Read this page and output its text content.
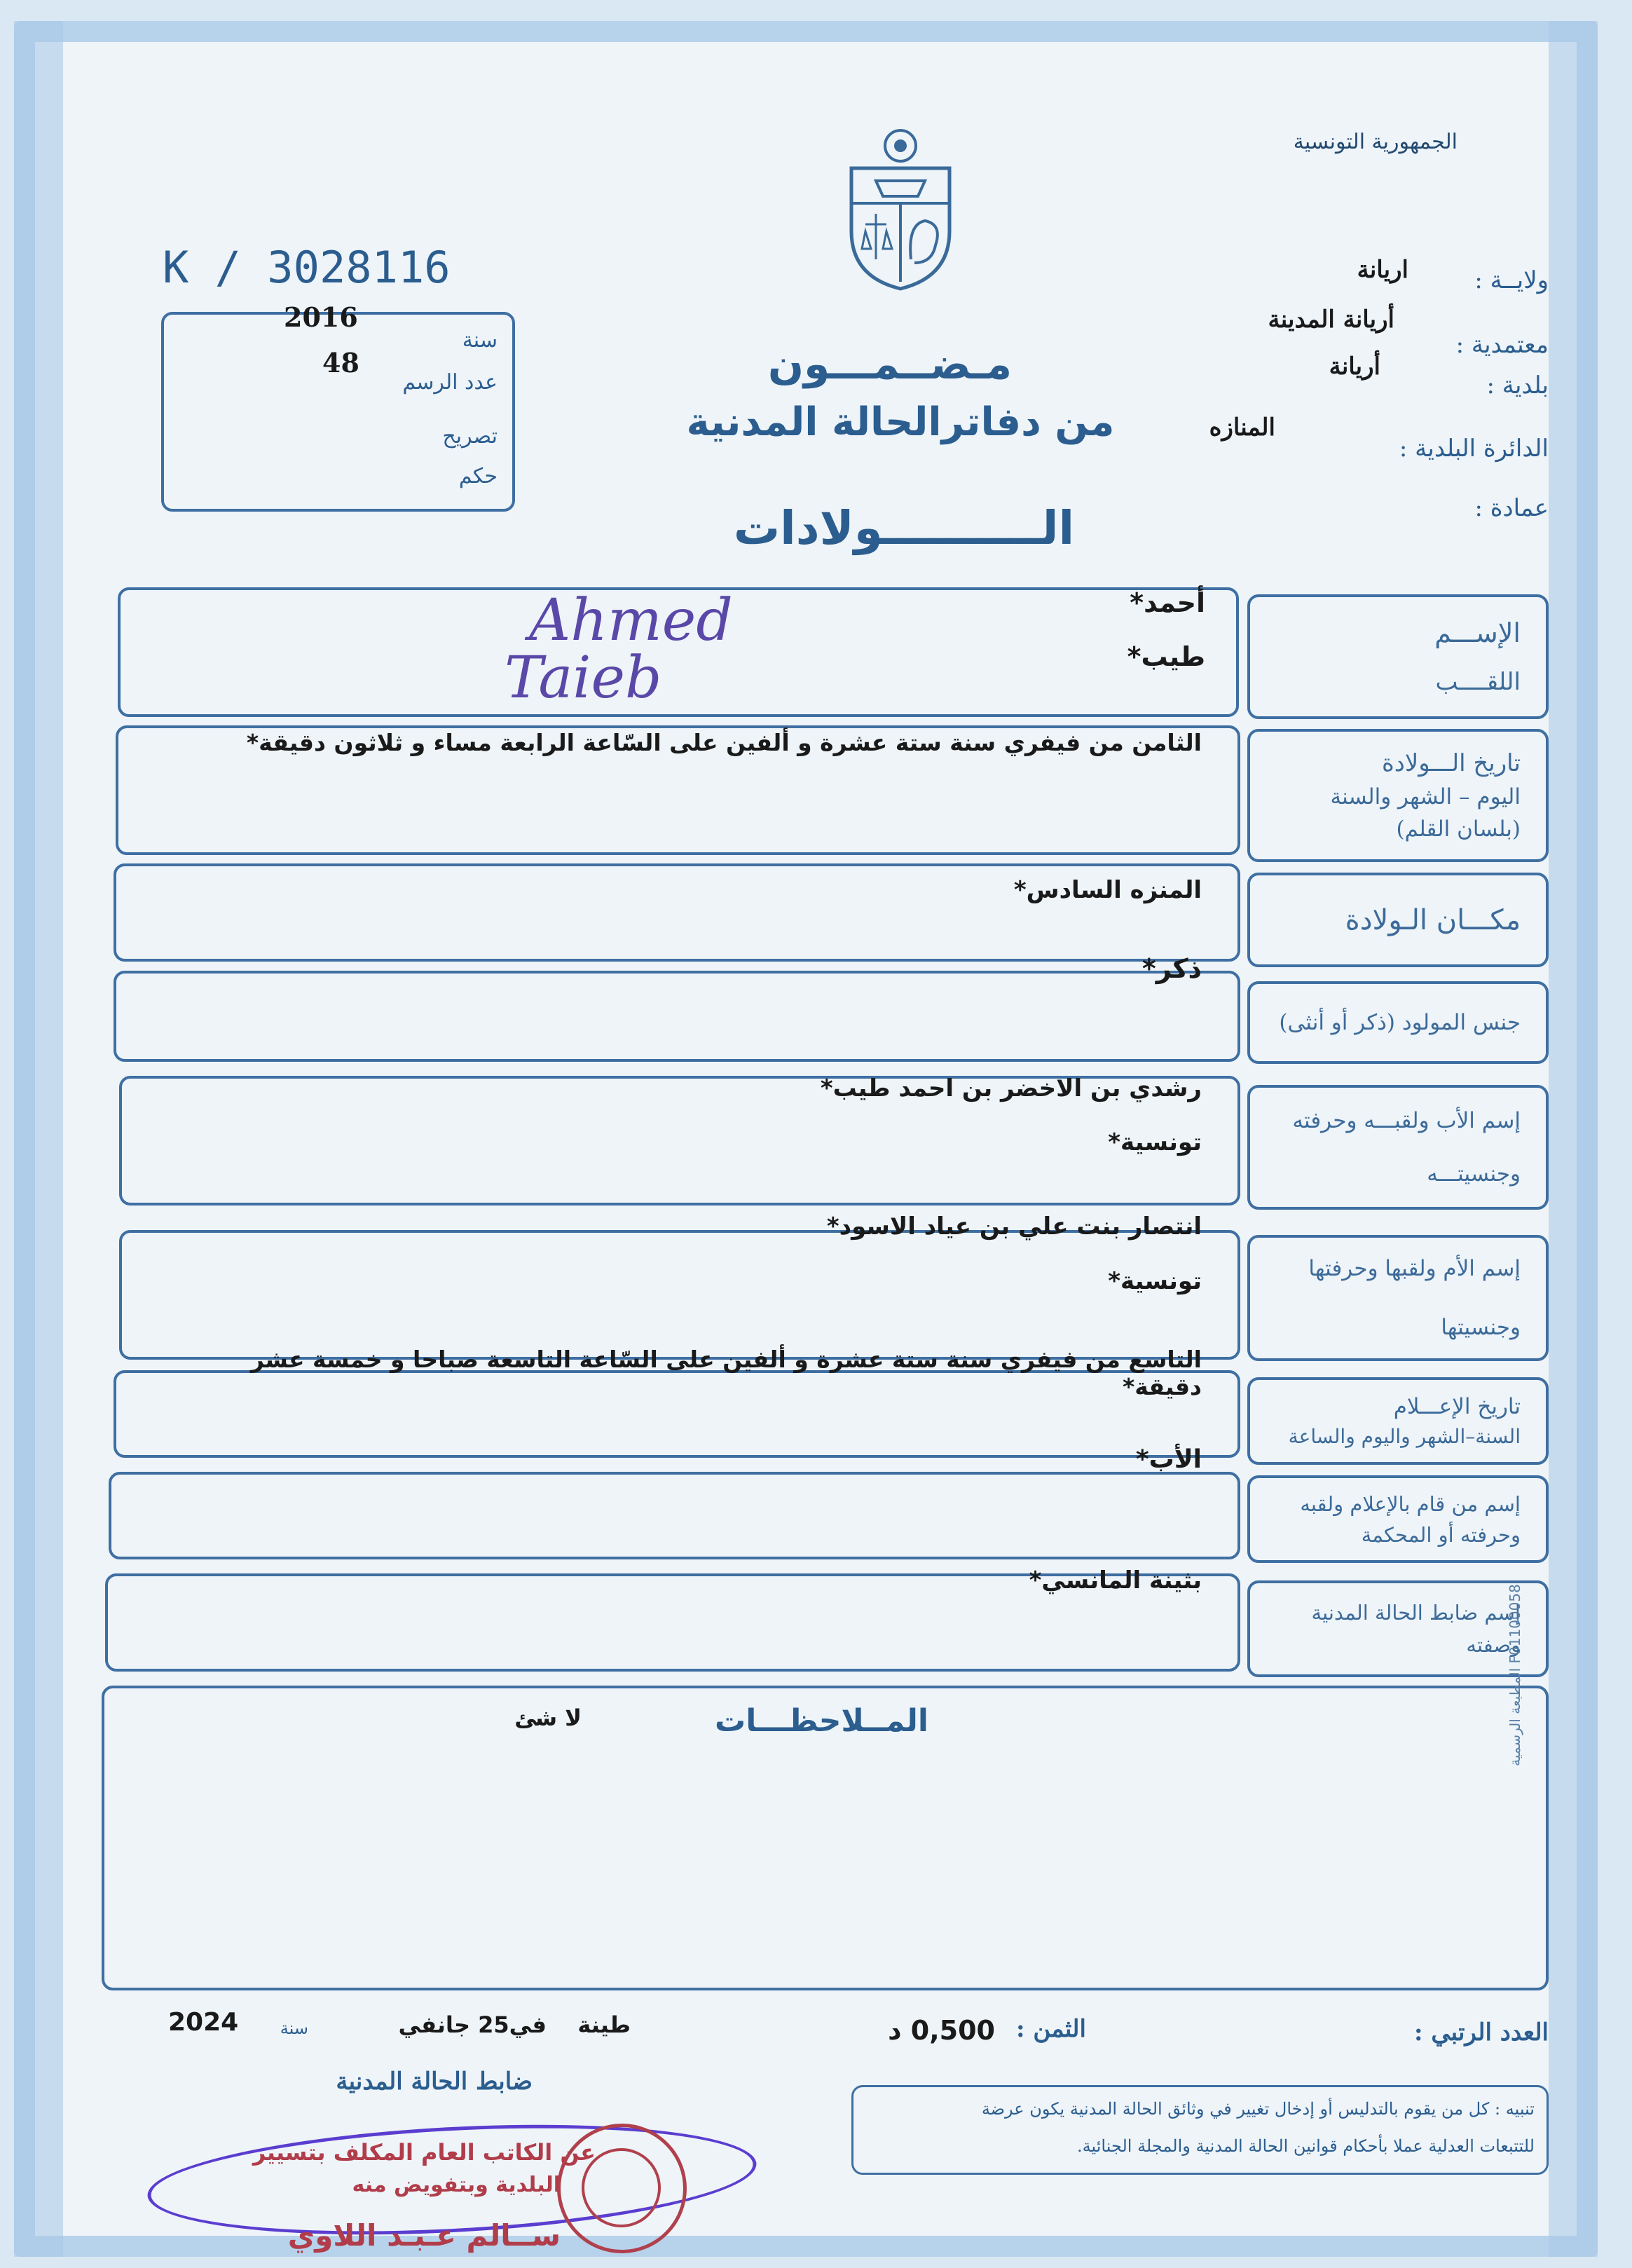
الجمهورية التونسية
K / 3028116
2016
48
سنة
عدد الرسم
تصريح
حكم
مـضــمـــون
من دفاترالحالة المدنية
الــــــــــولادات
ولايــة :
اريانة
معتمدية :
أريانة المدينة
بلدية :
أريانة
الدائرة البلدية :
المنازه
عمادة :
الإســـم
اللقــــب
أحمد*
طيب*
Ahmed
Taieb
تاريخ الـــولادة
اليوم – الشهر والسنة
(بلسان القلم)
الثامن من فيفري سنة ستة عشرة و ألفين على السّاعة الرابعة مساء و ثلاثون دقيقة*
مكـــان الـولادة
المنزه السادس*
جنس المولود (ذكر أو أنثى)
ذكر*
إسم الأب ولقبـــه وحرفته
وجنسيتـــه
رشدي بن الاخضر بن احمد طيب*
تونسية*
إسم الأم ولقبها وحرفتها
وجنسيتها
انتصار بنت علي بن عياد الاسود*
تونسية*
تاريخ الإعـــلام
السنة–الشهر واليوم والساعة
التاسع من فيفري سنة ستة عشرة و ألفين على السّاعة التاسعة صباحا و خمسة عشر دقيقة*
إسم من قام بالإعلام ولقبه
وحرفته أو المحكمة
الأب*
إسم ضابط الحالة المدنية
وصفته
بثينة المانسي*
المــلاحظـــات
لا شئ	المطبعة الرسمية F01100058
العدد الرتبي :
الثمن :
0,500 د
طينة
في25 جانفي
سنة
2024
ضابط الحالة المدنية
تنبيه : كل من يقوم بالتدليس أو إدخال تغيير في وثائق الحالة المدنية يكون عرضة
للتتبعات العدلية عملا بأحكام قوانين الحالة المدنية والمجلة الجنائية.
عن الكاتب العام المكلف بتسيير
البلدية وبتفويض منه
ســالم عـبـد اللاوي
